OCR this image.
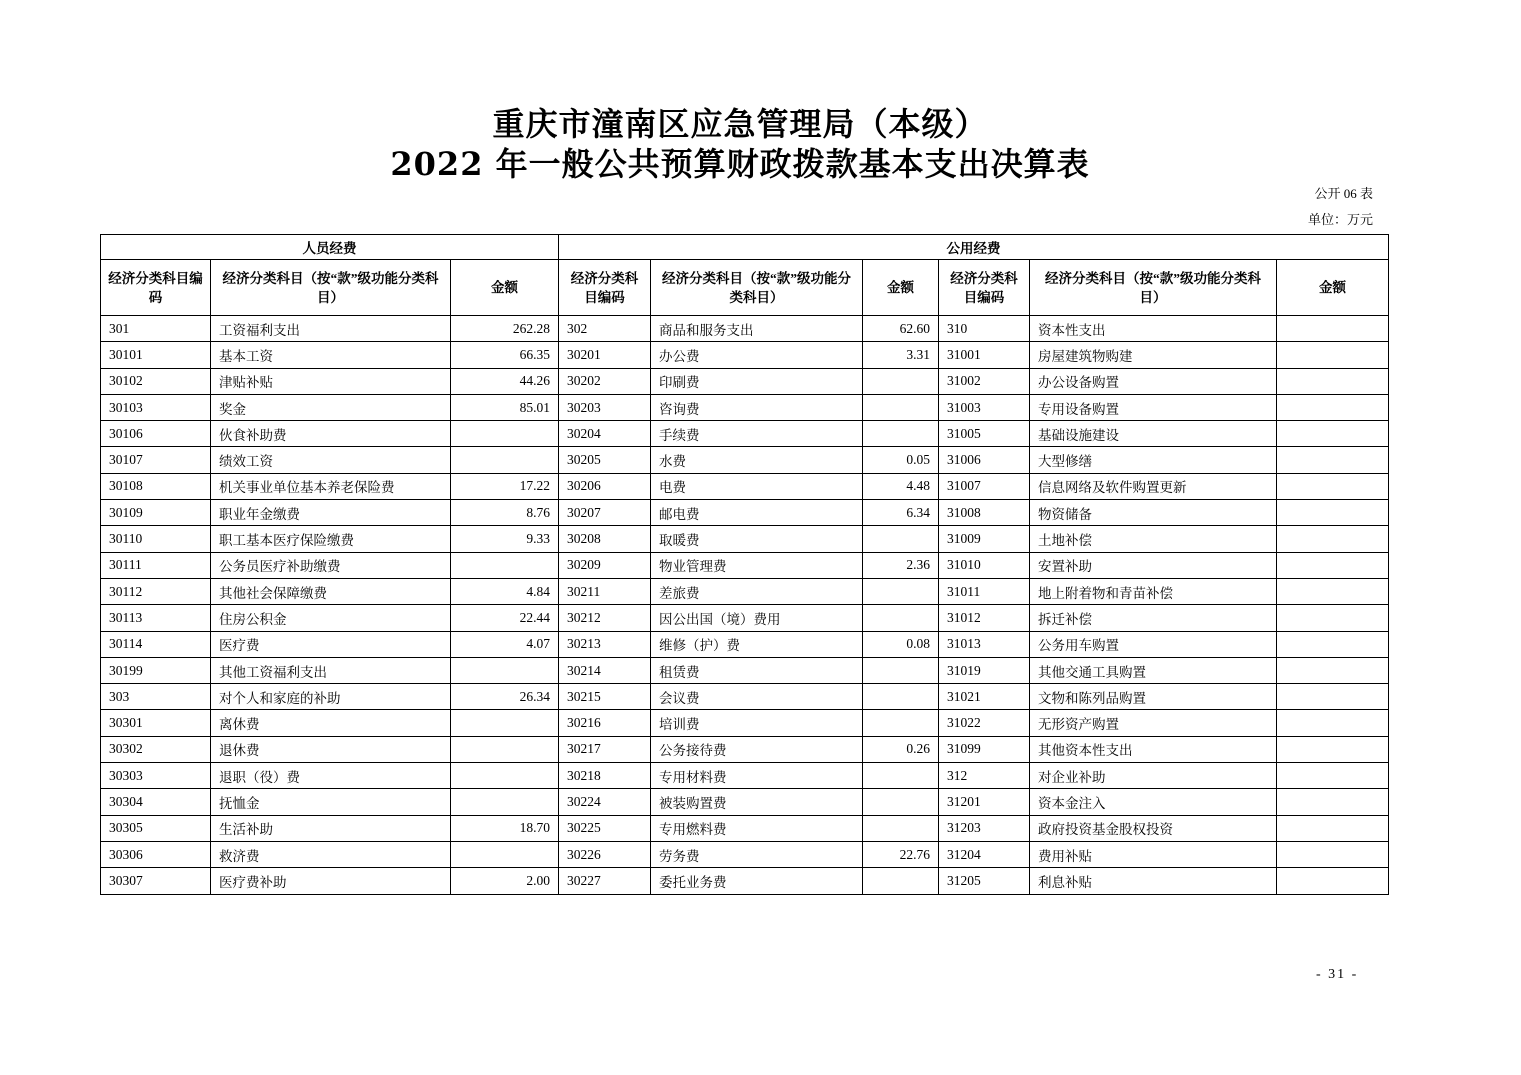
重庆市潼南区应急管理局（本级）
2022 年一般公共预算财政拨款基本支出决算表
公开 06 表
单位：万元
人员经费			公用经费					
经济分类科目编码	经济分类科目（按“款”级功能分类科目）	金额	经济分类科目编码	经济分类科目（按“款”级功能分类科目）	金额	经济分类科目编码	经济分类科目（按“款”级功能分类科目）	金额
301	工资福利支出	262.28	302	商品和服务支出	62.60	310	资本性支出	
30101	基本工资	66.35	30201	办公费	3.31	31001	房屋建筑物购建	
30102	津贴补贴	44.26	30202	印刷费		31002	办公设备购置	
30103	奖金	85.01	30203	咨询费		31003	专用设备购置	
30106	伙食补助费		30204	手续费		31005	基础设施建设	
30107	绩效工资		30205	水费	0.05	31006	大型修缮	
30108	机关事业单位基本养老保险费	17.22	30206	电费	4.48	31007	信息网络及软件购置更新	
30109	职业年金缴费	8.76	30207	邮电费	6.34	31008	物资储备	
30110	职工基本医疗保险缴费	9.33	30208	取暖费		31009	土地补偿	
30111	公务员医疗补助缴费		30209	物业管理费	2.36	31010	安置补助	
30112	其他社会保障缴费	4.84	30211	差旅费		31011	地上附着物和青苗补偿	
30113	住房公积金	22.44	30212	因公出国（境）费用		31012	拆迁补偿	
30114	医疗费	4.07	30213	维修（护）费	0.08	31013	公务用车购置	
30199	其他工资福利支出		30214	租赁费		31019	其他交通工具购置	
303	对个人和家庭的补助	26.34	30215	会议费		31021	文物和陈列品购置	
30301	离休费		30216	培训费		31022	无形资产购置	
30302	退休费		30217	公务接待费	0.26	31099	其他资本性支出	
30303	退职（役）费		30218	专用材料费		312	对企业补助	
30304	抚恤金		30224	被装购置费		31201	资本金注入	
30305	生活补助	18.70	30225	专用燃料费		31203	政府投资基金股权投资	
30306	救济费		30226	劳务费	22.76	31204	费用补贴	
30307	医疗费补助	2.00	30227	委托业务费		31205	利息补贴	
- 31 -
